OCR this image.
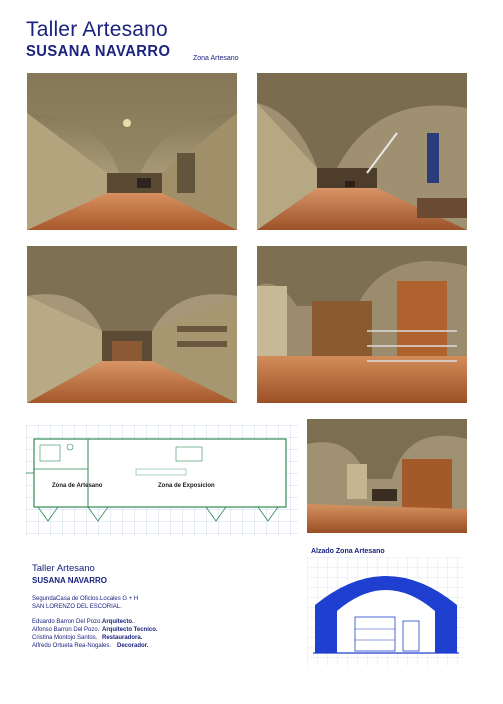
Taller Artesano
SUSANA NAVARRO	Zona Artesano
Zona de Artesano	Zona de Exposicion
Alzado Zona Artesano
Taller Artesano
SUSANA NAVARRO
SegundaCasa de Oficios.Locales G + H
SAN LORENZO DEL ESCORIAL.
Eduardo Barron Del Pozo. Arquitecto.
Alfonso Barron Del Pozo. Arquitecto Tecnico.
Cristina Montojo Santos. Restauradora.
Alfredo Ortueta Rea-Nogales. Decorador.
